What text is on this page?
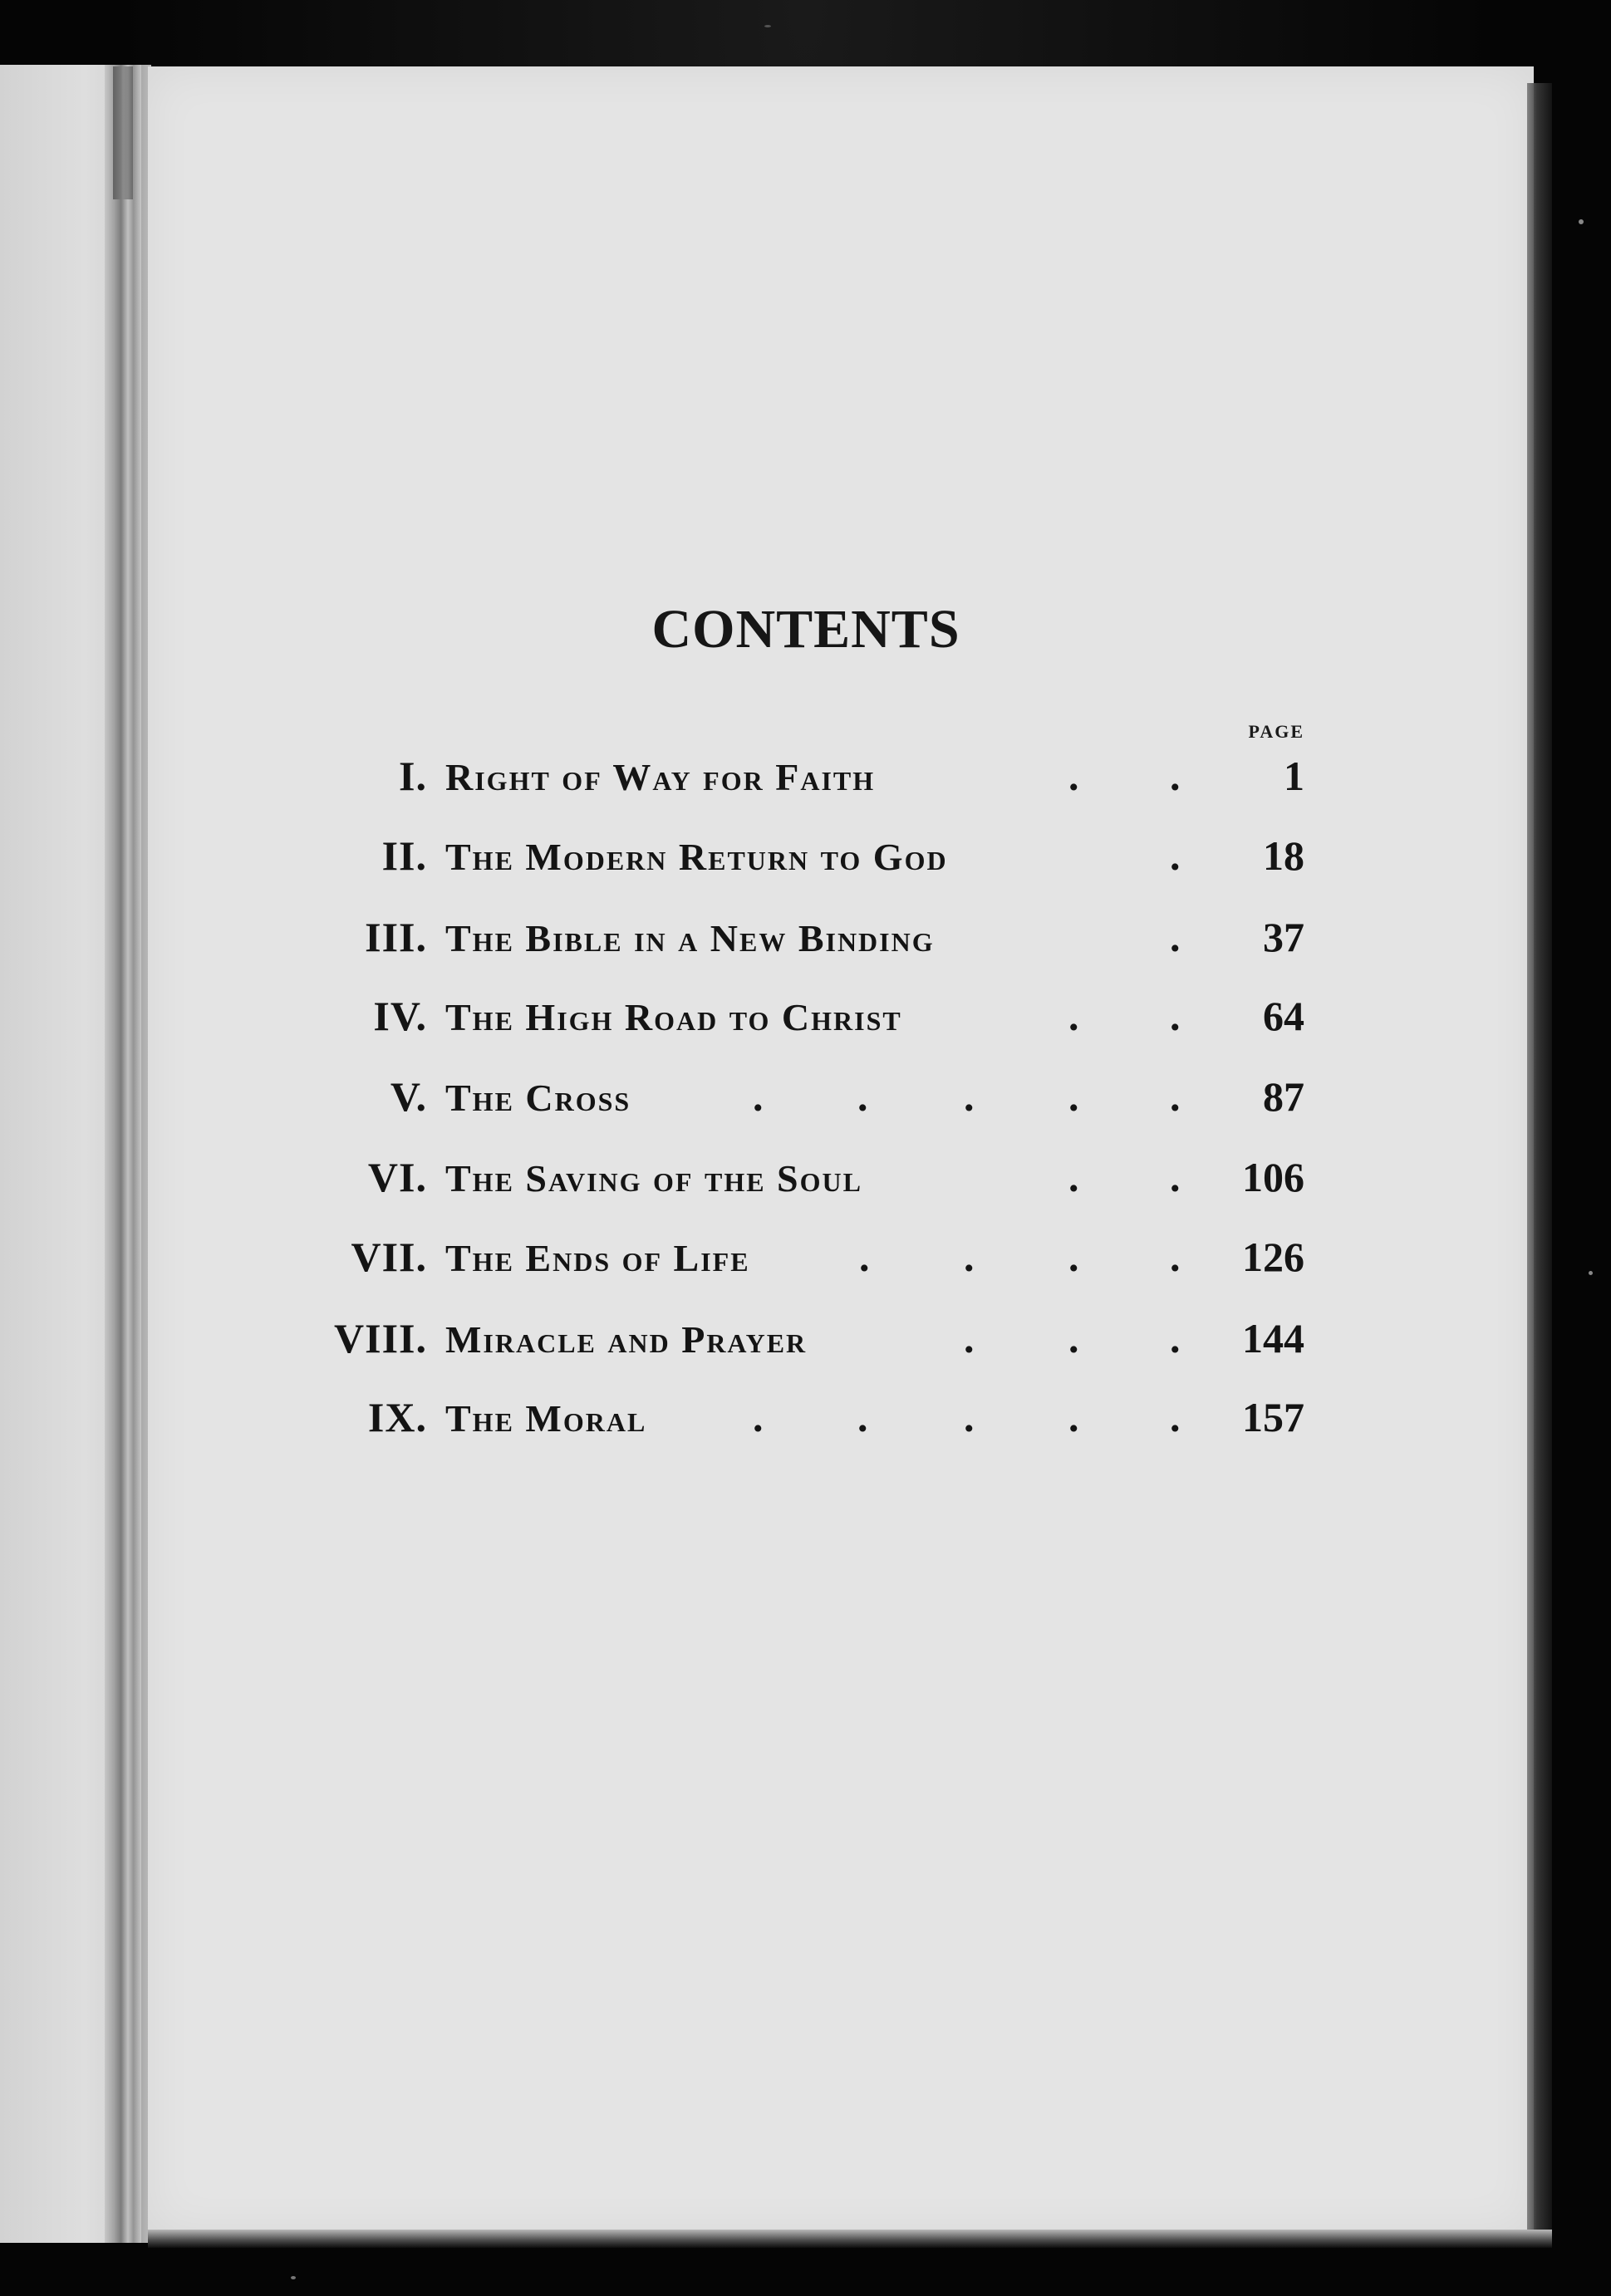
CONTENTS
PAGE
I. Right of Way for Faith	. . 1
II. The Modern Return to God	. 18
III. The Bible in a New Binding	. 37
IV. The High Road to Christ	. . 64
V. The Cross	. . . . . 87
VI. The Saving of the Soul	. . 106
VII. The Ends of Life	. . . . 126
VIII. Miracle and Prayer	. . . 144
IX. The Moral	. . . . . 157
